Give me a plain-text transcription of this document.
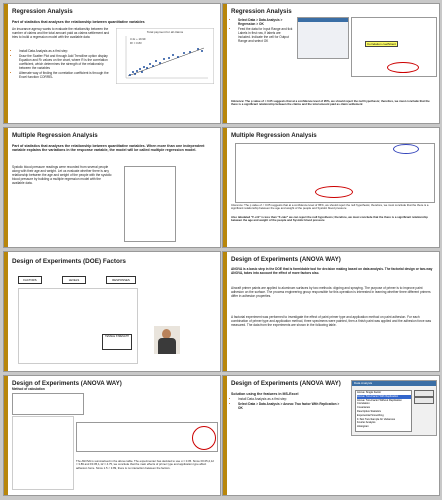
Regression Analysis
Part of statistics that analyses the relationship between quantitative variables
An insurance agency wants to evaluate the relationship between the number of claims and the total amount paid as claims settlement and tries to build a regression model with the available data
• Install Data Analysis as a first step
• Draw the Scatter Plot and through Add Trendline option display Equation and R² values on the chart, where R is the correlation coefficient, which determines the strength of the relationship between the variables
• Alternate way of finding the correlation coefficient is through the Excel function CORREL
Total payment for all claims
3.4x + 19.99
R² = 0.83
Regression Analysis
• Select Data > Data Analysis > Regression > OK
• Feed the data for Input Range and tick Labels in first row, if labels are included. Indicate the cell for Output Range and select OK
Correlation coefficient
Inference: The p value of < 0.05 suggests that at a confidence level of 95%, we should reject the null hypothesis; therefore, we must conclude that the there is a significant relationship between the claims and the total amount paid as claim settlement
Multiple Regression Analysis
Part of statistics that analyses the relationship between quantitative variables. When more than one independent variable explains the variations in the response variable, the model will be called multiple regression model.
Systolic blood pressure readings were recorded from several people along with their age and weight. Let us evaluate whether there is any relationship between the age and weight of the people with the systolic blood pressure by building a multiple regression model with the available data.
Multiple Regression Analysis
Inference: The p value of < 0.05 suggests that at a confidence level of 95%, we should reject the null hypothesis; therefore, we must conclude that the there is a significant relationship between the age and weight of the people and Systolic blood pressure
Also tabulated "F-crit" is less than "F-calc" we can reject the null hypothesis; therefore, we must conclude that the there is a significant relationship between the age and weight of the people and Systolic blood pressure
Design of Experiments (DOE) Factors
FACTORS	LEVELS	RESPONSES
TENSILE STRENGTH
Design of Experiments (ANOVA WAY)
ANOVA is a basic step in the DOE that is formidable tool for decision making based on data analysis. The factorial design or two-way ANOVA, takes into account the effect of more factors also.
Aircraft primer paints are applied to aluminum surfaces by two methods: dipping and spraying. The purpose of primer is to improve paint adhesion on the surface. The process engineering group responsible for this operation is interested in learning whether three different primers differ in adhesion properties.
A factorial experiment was performed to investigate the effect of paint primer type and application method on paint adhesion. For each combination of primer type and application method, three specimens were painted, then a finish paint was applied and the adhesion force was measured. The data from the experiments are shown in the following table.
Design of Experiments (ANOVA WAY)
Method of calculation
The ANOVA is summarised in the above table. The experimenter has decided to use α = 0.05. Since F0.05,2,12 = 3.89 and F0.05,1,12 = 4.75, we conclude that the main effects of primer type and application type affect adhesion force. Since 1.5 < 3.89, there is no interaction between the factors.
Design of Experiments (ANOVA WAY)
Solution using the features in MS-Excel
• Install Data Analysis as a first step
• Select Data > Data Analysis > Anova: Two factor With Replication > OK
Data Analysis
Anova: Single Factor
Anova: Two-Factor With Replication
Anova: Two-Factor Without Replication
Correlation
Covariance
Descriptive Statistics
Exponential Smoothing
F-Test Two-Sample for Variances
Fourier Analysis
Histogram
